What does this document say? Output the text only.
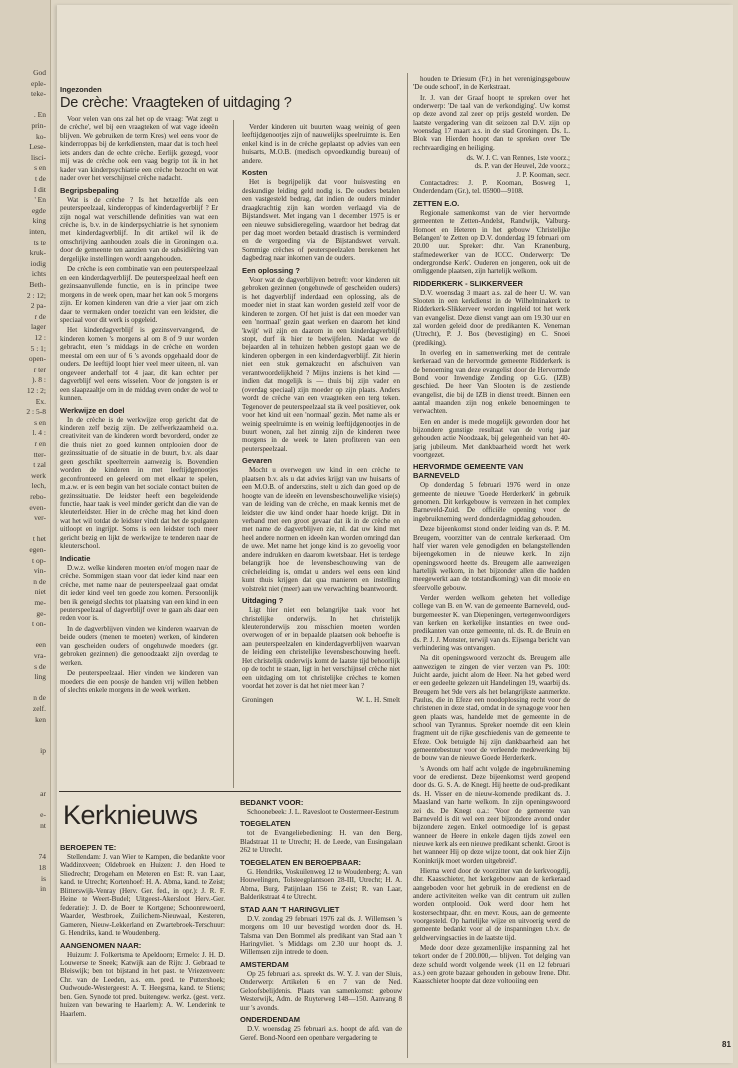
God
eple-
teke-
. En
prin-
ko-
Lese-
lisci-
s en
t de
I dit
' En
egde
king
inten,
ts te
kruk-
iodig
ichts
Beth-
2 : 12;
2 pa-
r de
lager
12 :
5 : 1;
open-
r ter
). 8 :
12 : 2;
Ex.
2 : 5-8
s en
l. 4 :
r en
tter-
t zal
werk
lech,
rebo-
even-
ver-
t het
egen-
t op-
vin-
n de
niet
me-
ge-
t on-
een
vra-
s de
ling
n de
zelf.
ken
ip
ar
e-
nt
74
18
is
in
Ingezonden
De crèche: Vraagteken of uitdaging ?
Voor velen van ons zal het op de vraag: 'Wat zegt u de crèche', wel bij een vraagteken of wat vage ideeën blijven. We gebruiken de term Kres) wel eens voor de kinderroppas bij de kerkdiensten, maar dat is toch heel iets anders dan de echte crèche. Eerlijk gezegd, voor mij was de crèche ook een vaag begrip tot ik in het kader van kinderpsychiatrie een crèche bezocht en wat nader over het verschijnsel crèche nadacht.
Begripsbepaling
Wat is de crèche ? Is het hetzelfde als een peuterspeelzaal, kinderoppas of kinderdagverblijf ? Er zijn nogal wat verschillende definities van wat een crèche is, b.v. in de kinderpsychiatrie is het synoniem met kinderdagverblijf. In dit artikel wil ik de omschrijving aanhouden zoals die in Groningen o.a. door de gemeente ten aanzien van de subsidiëring van dergelijke instellingen wordt aangehouden.
De crèche is een combinatie van een peuterspeelzaal en een kinderdagverblijf. De peuterspeelzaal heeft een gezinsaanvullende functie, en is in principe twee morgens in de week open, maar het kan ook 5 morgens zijn. Er komen kinderen van drie a vier jaar om zich daar te vermaken onder toezicht van een leidster, die speciaal voor dit werk is opgeleid.
Het kinderdagverblijf is gezinsvervangend, de kinderen komen 's morgens al om 8 of 9 uur worden gebracht, eten 's middags in de crèche en worden meestal om een uur of 6 's avonds opgehaald door de ouders. De leeftijd loopt hier veel meer uiteen, nl. van ongeveer anderhalf tot 4 jaar, dit kan echter per dagverblijf wel eens wisselen. Voor de jongsten is er een slaapzaaltje om in de middag even onder de wol te kunnen.
Werkwijze en doel
In de crèche is de werkwijze erop gericht dat de kinderen zelf bezig zijn. De zelfwerkzaamheid o.a. creativiteit van de kinderen wordt bevorderd, onder ze die thuis niet zo goed kunnen ontplooien door de gezinssituatie of de situatie in de buurt, b.v. als daar geen geschikt speelterrein aanwezig is. Bovendien worden de kinderen in met leeftijdgenootjes geconfronteerd en geleerd om met elkaar te spelen, m.a.w. er is een begin van het sociale contact buiten de gezinssituatie. De leidster heeft een begeleidende functie, haar taak is veel minder gericht dan die van de kleuterleidster. Hier in de crèche mag het kind doen wat het wil totdat de leidster vindt dat het de spulgaten uitloopt en ingrijpt. Soms is een leidster toch meer gericht bezig en lijkt de werkwijze te tenderen naar de kleuterschool.
Indicatie
D.w.z. welke kinderen moeten en/of mogen naar de crèche. Sommigen staan voor dat ieder kind naar een crèche, met name naar de peuterspeelzaal gaat omdat dit ieder kind veel ten goede zou komen. Persoonlijk ben ik geneigd slechts tot plaatsing van een kind in een peuterspeelzaal of dagverblijf over te gaan als daar een reden voor is.
In de dagverblijven vinden we kinderen waarvan de beide ouders (menen te moeten) werken, of kinderen van gescheiden ouders of ongehuwde moeders (gr. gebroken gezinnen) die genoodzaakt zijn overdag te werken.
De peuterspeelzaal. Hier vinden we kinderen van moeders die een poosje de handen vrij willen hebben of slechts enkele morgens in de week werken.
Verder kinderen uit buurten waag weinig of geen leeftijdgenootjes zijn of nauwelijks speelruimte is. Een enkel kind is in de crèche geplaatst op advies van een huisarts, M.O.B. (medisch opvoedkundig bureau) of andere.
Kosten
Het is begrijpelijk dat voor huisvesting en deskundige leiding geld nodig is. De ouders betalen een vastgesteld bedrag, dat indien de ouders minder draagkrachtig zijn kan worden verlaagd via de Bijstandswet. Met ingang van 1 december 1975 is er een nieuwe subsidieregeling, waardoor het bedrag dat per dag moet worden betaald drastisch is verminderd en de vergoeding via de Bijstandswet vervalt. Sommige crèches of peuterspeelzalen berekenen het dagbedrag naar inkomen van de ouders.
Een oplossing ?
Voor wat de dagverblijven betreft: voor kinderen uit gebroken gezinnen (ongehuwde of gescheiden ouders) is het dagverblijf inderdaad een oplossing, als de moeder niet in staat kan worden gesteld zelf voor de kinderen te zorgen. Of het juist is dat een moeder van een 'normaal' gezin gaat werken en daarom het kind 'kwijt' wil zijn en daarom in een kinderdagverblijf stopt, durf ik hier te betwijfelen. Nadat we de bejaarden al in tehuizen hebben gestopt gaan we de kinderen opbergen in een kinderdagverblijf. Zit hierin niet een stuk gemakzucht en afschuiven van verantwoordelijkheid ? Mijns inziens is het kind — indien dat mogelijk is — thuis bij zijn vader en (overdag speciaal) zijn moeder op zijn plaats. Anders wordt de crèche van een vraagteken een terg teken. Tegenover de peuterspeelzaal sta ik veel positiever, ook voor het kind uit een 'normaal' gezin. Met name als er weinig speelruimte is en weinig leeftijdgenootjes in de buurt wonen, zal het zinnig zijn de kinderen twee morgens in de week te laten profiteren van een peuterspeelzaal.
Gevaren
Mocht u overwegen uw kind in een crèche te plaatsen b.v. als u dat advies krijgt van uw huisarts of een M.O.B. of anderszins, stelt u zich dan goed op de hoogte van de ideeën en levensbeschouwelijke visie(s) van de leiding van de crèche, en maak kennis met de leidster die uw kind onder haar hoede krijgt. Dit in verband met een groot gevaar dat ik in de crèche en met name de dagverblijven zie, nl. dat uw kind met heel andere normen en ideeën kan worden omringd dan de uwe. Met name het jonge kind is zo gevoelig voor andere indrukken en daarom kwetsbaar. Het is terdege belangrijk hoe de levensbeschouwing van de crècheleiding is, omdat u anders wel eens een kind kunt thuis krijgen dat qua manieren en instelling volstrekt niet (meer) aan uw verwachting beantwoordt.
Uitdaging ?
Ligt hier niet een belangrijke taak voor het christelijke onderwijs. In het christelijk kleuteronderwijs zou misschien moeten worden overwogen of er in bepaalde plaatsen ook behoefte is aan peuterspeelzalen en kinderdagverblijven waarvan de leiding een christelijke levensbeschouwing heeft. Het christelijk onderwijs komt de laatste tijd behoorlijk op de tocht te staan, ligt in het verschijnsel crèche niet een uitdaging om tot christelijke crèches te komen voordat het zover is dat het niet meer kan ?
Groningen	W. L. H. Smelt
Kerknieuws
BEROEPEN TE:
Stellendam: J. van Wier te Kampen, die bedankte voor Waddinxveen; Oldebroek en Huizen: J. den Hoed te Sliedrecht; Drogeham en Meteren en Est: R. van Laar, kand. te Utrecht; Kortenhoef: H. A. Abma, kand. te Zeist; Blitterswijk-Venray (Herv. Ger. fed., in opr.): J. R. F. Heine te Weert-Budel; Uitgeest-Akersloot Herv.-Ger. federatie): J. D. de Boer te Kortgene; Schoonrewoerd, Waarder, Westbroek, Zuilichem-Nieuwaal, Kesteren, Gameren, Nieuw-Lekkerland en Zwartebroek-Terschuur: G. Hendriks, kand. te Woudenberg.
AANGENOMEN NAAR:
Huizum: J. Folkertsma te Apeldoorn; Ermelo: J. H. D. Louwerse te Sneek; Katwijk aan de Rijn: J. Gebraad te Bleiswijk; ben tot bijstand in het past. te Vriezenveen: Chr. van de Leeden, a.s. em. pred. te Puttershoek; Oudwoude-Westergeest: A. T. Heegsma, kand. te Stiens; ben. Gen. Synode tot pred. buitengew. werkz. (gest. verz. huizen van bewaring te Haarlem): A. W. Lenderink te Haarlem.
BEDANKT VOOR:
Schoonebeek: J. L. Ravesloot te Oostermeer-Eestrum
TOEGELATEN
tot de Evangeliebediening: H. van den Berg, Bladstraat 11 te Utrecht; H. de Leede, van Eusingalaan 262 te Utrecht.
TOEGELATEN EN BEROEPBAAR:
G. Hendriks, Voskuilenweg 12 te Woudenberg; A. van Houwelingen, Tolsteegplantsoen 28-III, Utrecht; H. A. Abma, Burg. Patijnlaan 156 te Zeist; R. van Laar, Balderikstraat 4 te Utrecht.
STAD AAN 'T HARINGVLIET
D.V. zondag 29 februari 1976 zal ds. J. Willemsen 's morgens om 10 uur bevestigd worden door ds. H. Talsma van Den Bommel als predikant van Stad aan 't Haringvliet. 's Middags om 2.30 uur hoopt ds. J. Willemsen zijn intrede te doen.
AMSTERDAM
Op 25 februari a.s. spreekt ds. W. Y. J. van der Sluis, Onderwerp: Artikelen 6 en 7 van de Ned. Geloofsbelijdenis. Plaats van samenkomst: gebouw Westerwijk, Adm. de Ruyterweg 148—150. Aanvang 8 uur 's avonds.
ONDERDENDAM
D.V. woensdag 25 februari a.s. hoopt de afd. van de Geref. Bond-Noord een openbare vergadering te
houden te Driesum (Fr.) in het verenigingsgebouw 'De oude school', in de Kerkstraat.
Ir. J. van der Graaf hoopt te spreken over het onderwerp: 'De taal van de verkondiging'. Uw komst op deze avond zal zeer op prijs gesteld worden. De laatste vergadering van dit seizoen zal D.V. zijn op woensdag 17 maart a.s. in de stad Groningen. Ds. L. Blok van Hierden hoopt dan te spreken over 'De rechtvaardiging en heiliging.
ds. W. J. C. van Rennes, 1ste voorz.;
ds. P. van der Heuvel, 2de voorz.;
J. P. Kooman, secr.
Contactadres: J. P. Kooman, Bosweg 1, Onderdendam (Gr.), tel. 05900—9108.
ZETTEN E.O.
Regionale samenkomst van de vier hervormde gemeenten te Zetten-Andelst, Randwijk, Valburg-Homoet en Heteren in het gebouw 'Christelijke Belangen' te Zetten op D.V. donderdag 19 februari om 20.00 uur. Spreker: dhr. Van Kranenburg, stafmedewerker van de ICCC. Onderwerp: 'De ondergrondse Kerk'. Ouderen en jongeren, ook uit de omliggende plaatsen, zijn hartelijk welkom.
RIDDERKERK - SLIKKERVEER
D.V. woensdag 3 maart a.s. zal de heer U. W. van Slooten in een kerkdienst in de Wilhelminakerk te Ridderkerk-Slikkerveer worden ingeleid tot het werk van evangelist. Deze dienst vangt aan om 19.30 uur en zal worden geleid door de predikanten K. Veneman (Utrecht), P. J. Bos (bevestiging) en C. Snoei (prediking).
In overleg en in samenwerking met de centrale kerkeraad van de hervormde gemeente Ridderkerk is de benoeming van deze evangelist door de Hervormde Bond voor Inwendige Zending op G.G. (IZB) geschied. De heer Van Slooten is de zestiende evangelist, die bij de IZB in dienst treedt. Binnen een aantal maanden zijn nog enkele benoemingen te verwachten.
Een en ander is mede mogelijk geworden door het bijzondere gunstige resultaat van de vorig jaar gehouden actie Noodzaak, bij gelegenheid van het 40-jarig jubileum. Met dankbaarheid wordt het werk voortgezet.
HERVORMDE GEMEENTE VAN BARNEVELD
Op donderdag 5 februari 1976 werd in onze gemeente de nieuwe 'Goede Herderkerk' in gebruik genomen. Dit kerkgebouw is verrezen in het complex Barneveld-Zuid. De officiële opening voor de ingebruikneming werd donderdagmiddag gehouden.
Deze bijeenkomst stond onder leiding van ds. P. M. Breugem, voorzitter van de centrale kerkeraad. Om half vier waren vele genodigden en belangstellenden bijeengekomen in de nieuwe kerk. In zijn openingswoord heette ds. Breugem alle aanwezigen hartelijk welkom, in het bijzonder allen die hadden meegewerkt aan de totstandkoming) van dit mooie en sfeervolle gebouw.
Verder werden welkom geheten het volledige college van B. en W. van de gemeente Barneveld, oud-burgemeester K. van Diepeningen, vertegenwoordigers van kerken en kerkelijke instanties en twee oud-predikanten van onze gemeente, nl. ds. R. de Bruin en ds. P. J. J. Monster, terwijl van ds. Eijsenga bericht van verhindering was ontvangen.
Na dit openingswoord verzocht ds. Breugem alle aanwezigen te zingen de vier verzen van Ps. 100: Juicht aarde, juicht alom de Heer. Na het gebed werd er een gedeelte gelezen uit Handelingen 19, waarbij ds. Breugem het 9de vers als het belangrijkste aanmerkte. Paulus, die in Efeze een noodoplossing recht voor de christenen in deze stad, omdat in de synagoge voor hen geen plaats was, handelde met de gemeente in de school van Tyrannus. Spreker noemde dit een klein fragment uit de rijke geschiedenis van de gemeente te Efeze. Ook betuigde hij zijn dankbaarheid aan het gemeentebestuur voor de verleende medewerking bij de bouw van de nieuwe Goede Herderkerk.
's Avonds om half acht volgde de ingebruikneming voor de eredienst. Deze bijeenkomst werd geopend door ds. G. S. A. de Knegt. Hij heette de oud-predikant ds. H. Visser en de nieuw-komende predikant ds. J. Maasland van harte welkom. In zijn openingswoord zei ds. De Knegt o.a.: 'Voor de gemeente van Barneveld is dit wel een zeer bijzondere avond onder bijzondere zegen. Enkel ootmoedige lof is gepast wanneer de Heere in enkele dagen tijds zowel een nieuwe kerk als een nieuwe predikant schenkt. Groot is het wanneer Hij op deze wijze toont, dat ook hier Zijn Koninkrijk moet worden uitgebreid'.
Hierna werd door de voorzitter van de kerkvoogdij, dhr. Kaasschieter, het kerkgebouw aan de kerkeraad aangeboden voor het gebruik in de eredienst en de andere activiteiten welke van dit centrum uit zullen worden ontplooid. Ook werd door hem het kostersechtpaar, dhr. en mevr. Kous, aan de gemeente voorgesteld. Op hartelijke wijze en uitvoerig werd de gemeente bedankt voor al de inspanningen t.b.v. de geldwervingsacties in de laatste tijd.
Mede door deze gezamenlijke inspanning zal het tekort onder de f 200.000,— blijven. Tot delging van deze schuld wordt volgende week (11 en 12 februari a.s.) een grote bazaar gehouden in gebouw Irene. Dhr. Kaasschieter hoopte dat deze voltooiing een
81
